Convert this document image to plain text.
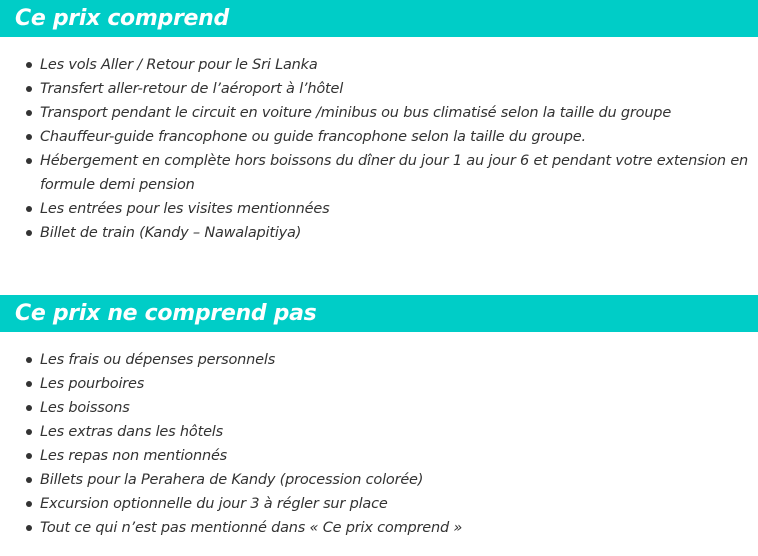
Ce prix comprend
Les vols Aller / Retour pour le Sri Lanka
Transfert aller-retour de l’aéroport à l’hôtel
Transport pendant le circuit en voiture /minibus ou bus climatisé selon la taille du groupe
Chauffeur-guide francophone ou guide francophone selon la taille du groupe.
Hébergement en complète hors boissons du dîner du jour 1 au jour 6 et pendant votre extension en formule demi pension
Les entrées pour les visites mentionnées
Billet de train (Kandy – Nawalapitiya)
Ce prix ne comprend pas
Les frais ou dépenses personnels
Les pourboires
Les boissons
Les extras dans les hôtels
Les repas non mentionnés
Billets pour la Perahera de Kandy (procession colorée)
Excursion optionnelle du jour 3 à régler sur place
Tout ce qui n’est pas mentionné dans « Ce prix comprend »
